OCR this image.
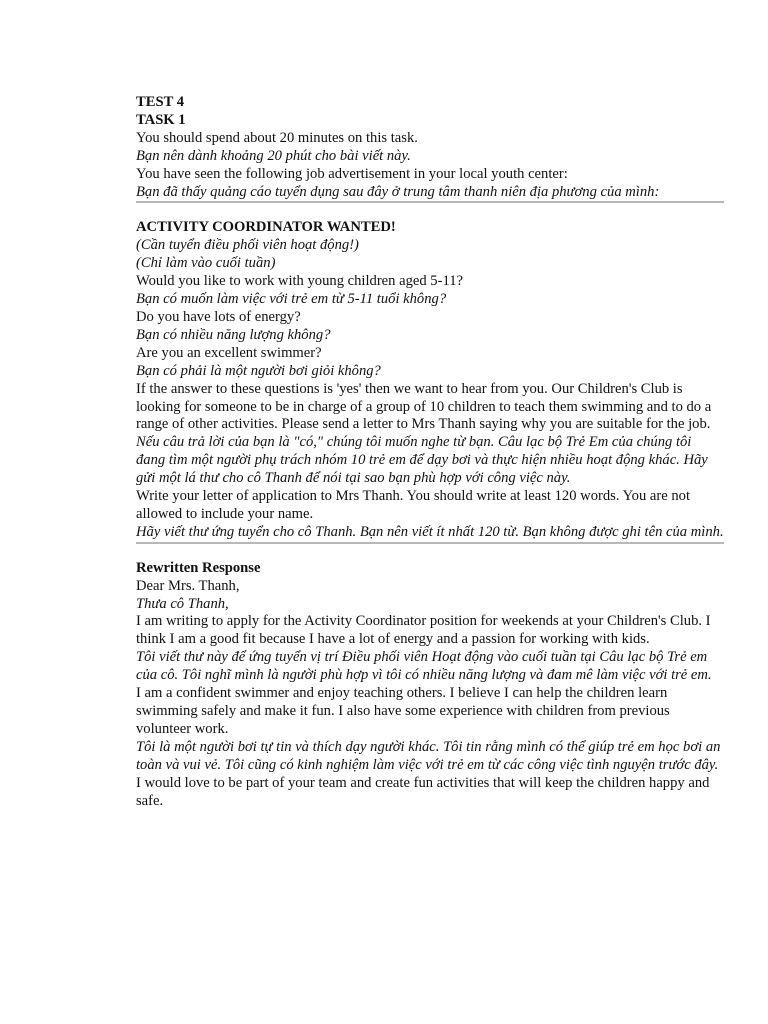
TEST 4
TASK 1
You should spend about 20 minutes on this task.
Bạn nên dành khoảng 20 phút cho bài viết này.
You have seen the following job advertisement in your local youth center:
Bạn đã thấy quảng cáo tuyển dụng sau đây ở trung tâm thanh niên địa phương của mình:
ACTIVITY COORDINATOR WANTED!
(Cần tuyển điều phối viên hoạt động!)
(Chỉ làm vào cuối tuần)
Would you like to work with young children aged 5-11?
Bạn có muốn làm việc với trẻ em từ 5-11 tuổi không?
Do you have lots of energy?
Bạn có nhiều năng lượng không?
Are you an excellent swimmer?
Bạn có phải là một người bơi giỏi không?
If the answer to these questions is 'yes' then we want to hear from you. Our Children's Club is looking for someone to be in charge of a group of 10 children to teach them swimming and to do a range of other activities. Please send a letter to Mrs Thanh saying why you are suitable for the job.
Nếu câu trả lời của bạn là "có," chúng tôi muốn nghe từ bạn. Câu lạc bộ Trẻ Em của chúng tôi đang tìm một người phụ trách nhóm 10 trẻ em để dạy bơi và thực hiện nhiều hoạt động khác. Hãy gửi một lá thư cho cô Thanh để nói tại sao bạn phù hợp với công việc này.
Write your letter of application to Mrs Thanh. You should write at least 120 words. You are not allowed to include your name.
Hãy viết thư ứng tuyển cho cô Thanh. Bạn nên viết ít nhất 120 từ. Bạn không được ghi tên của mình.
Rewritten Response
Dear Mrs. Thanh,
Thưa cô Thanh,
I am writing to apply for the Activity Coordinator position for weekends at your Children's Club. I think I am a good fit because I have a lot of energy and a passion for working with kids.
Tôi viết thư này để ứng tuyển vị trí Điều phối viên Hoạt động vào cuối tuần tại Câu lạc bộ Trẻ em của cô. Tôi nghĩ mình là người phù hợp vì tôi có nhiều năng lượng và đam mê làm việc với trẻ em.
I am a confident swimmer and enjoy teaching others. I believe I can help the children learn swimming safely and make it fun. I also have some experience with children from previous volunteer work.
Tôi là một người bơi tự tin và thích dạy người khác. Tôi tin rằng mình có thể giúp trẻ em học bơi an toàn và vui vẻ. Tôi cũng có kinh nghiệm làm việc với trẻ em từ các công việc tình nguyện trước đây.
I would love to be part of your team and create fun activities that will keep the children happy and safe.
